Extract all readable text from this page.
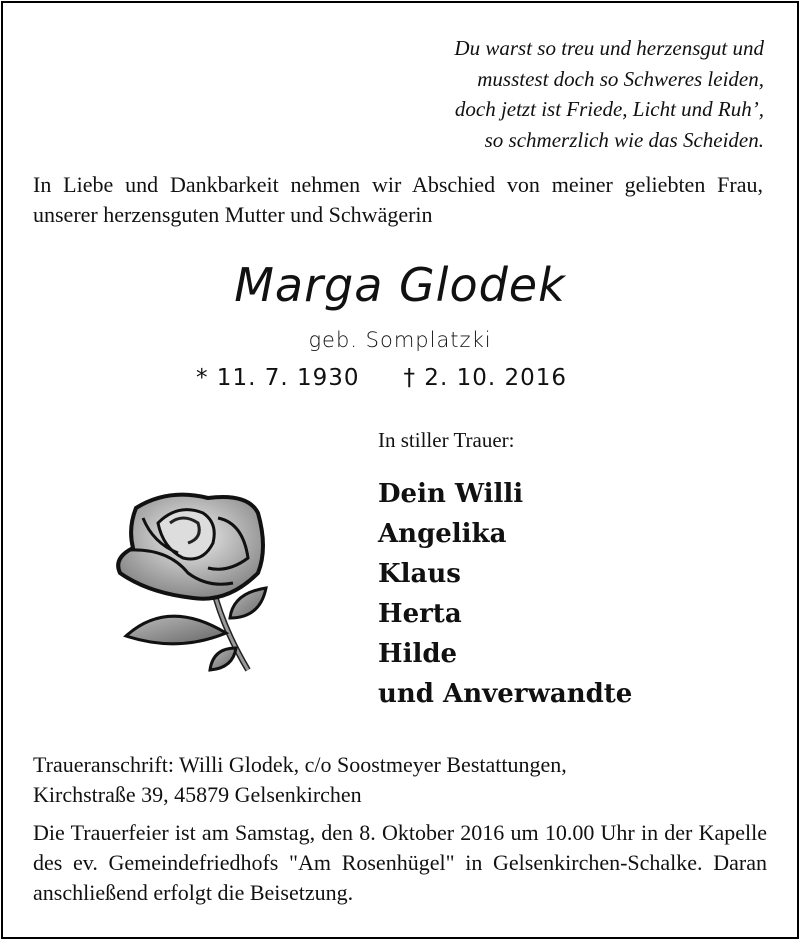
Du warst so treu und herzensgut und
musstest doch so Schweres leiden,
doch jetzt ist Friede, Licht und Ruh’,
so schmerzlich wie das Scheiden.
In Liebe und Dankbarkeit nehmen wir Abschied von meiner geliebten Frau, unserer herzensguten Mutter und Schwägerin
Marga Glodek
geb. Somplatzki
* 11. 7. 1930 † 2. 10. 2016
In stiller Trauer:
Dein Willi
Angelika
Klaus
Herta
Hilde
und Anverwandte
Traueranschrift: Willi Glodek, c/o Soostmeyer Bestattungen,
Kirchstraße 39, 45879 Gelsenkirchen
Die Trauerfeier ist am Samstag, den 8. Oktober 2016 um 10.00 Uhr in der Kapelle des ev. Gemeindefriedhofs "Am Rosenhügel" in Gelsenkirchen-Schalke. Daran anschließend erfolgt die Beisetzung.
